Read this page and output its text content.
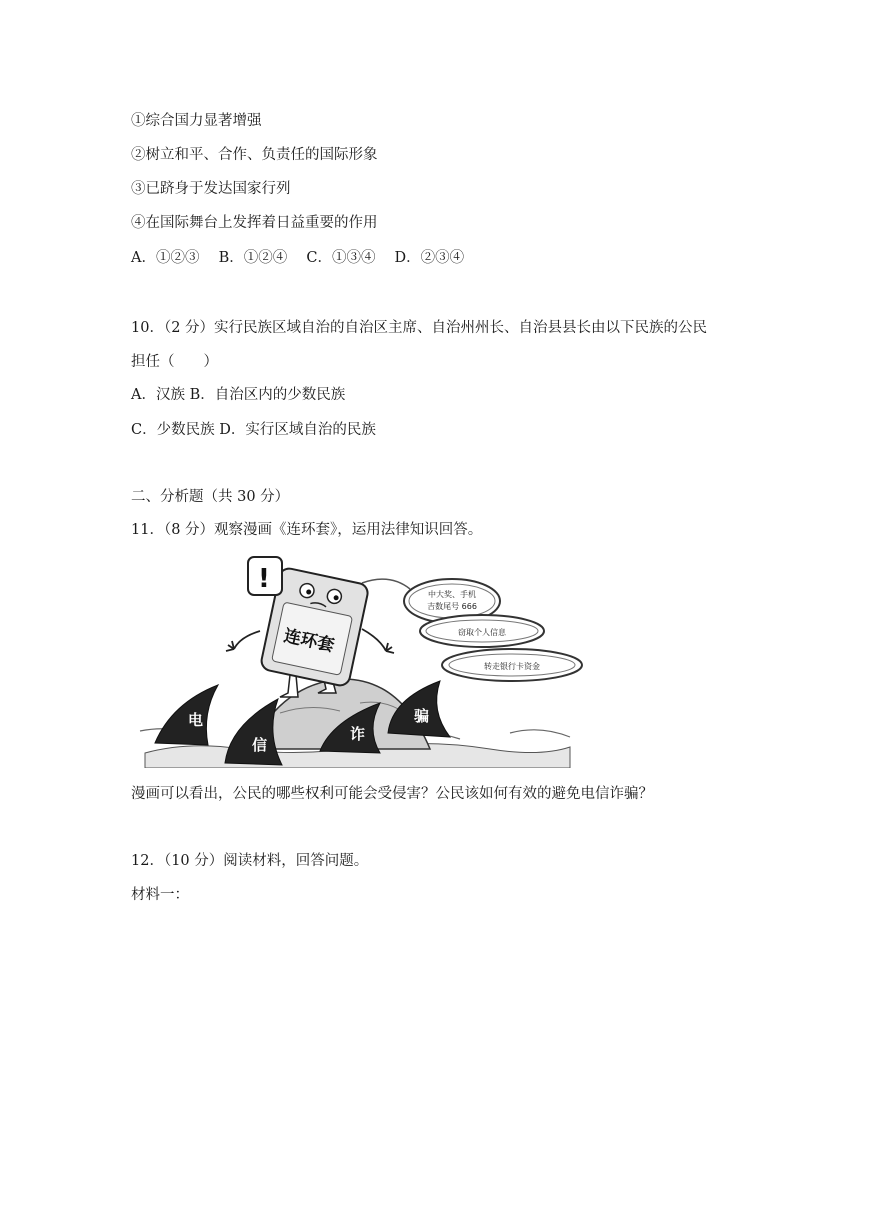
①综合国力显著增强
②树立和平、合作、负责任的国际形象
③已跻身于发达国家行列
④在国际舞台上发挥着日益重要的作用
A．①②③　 B．①②④　 C．①③④　 D．②③④
10．（2 分）实行民族区域自治的自治区主席、自治州州长、自治县县长由以下民族的公民
担任（　　）
A．汉族 B．自治区内的少数民族
C．少数民族 D．实行区域自治的民族
二、分析题（共 30 分）
11．（8 分）观察漫画《连环套》，运用法律知识回答。
电
信
诈
骗
连环套
!
中大奖、手机
吉数尾号 666
窃取个人信息
转走银行卡资金
漫画可以看出，公民的哪些权利可能会受侵害？公民该如何有效的避免电信诈骗？
12．（10 分）阅读材料，回答问题。
材料一：
